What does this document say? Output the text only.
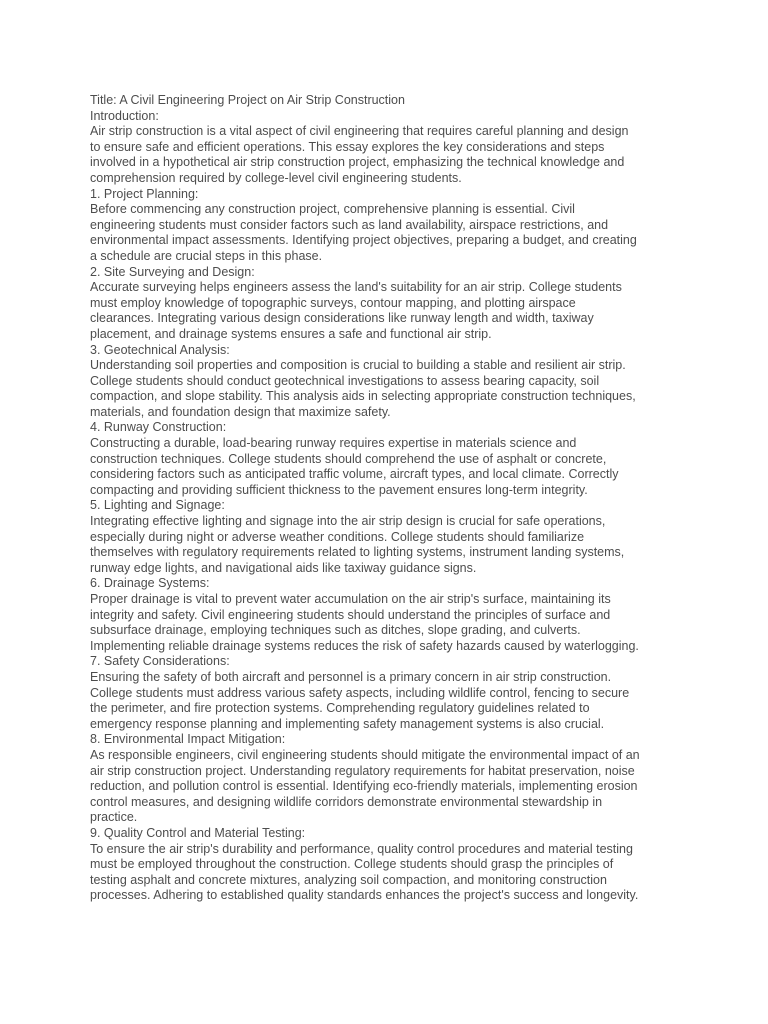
Title: A Civil Engineering Project on Air Strip Construction
Introduction:
Air strip construction is a vital aspect of civil engineering that requires careful planning and design
to ensure safe and efficient operations. This essay explores the key considerations and steps
involved in a hypothetical air strip construction project, emphasizing the technical knowledge and
comprehension required by college-level civil engineering students.
1. Project Planning:
Before commencing any construction project, comprehensive planning is essential. Civil
engineering students must consider factors such as land availability, airspace restrictions, and
environmental impact assessments. Identifying project objectives, preparing a budget, and creating
a schedule are crucial steps in this phase.
2. Site Surveying and Design:
Accurate surveying helps engineers assess the land's suitability for an air strip. College students
must employ knowledge of topographic surveys, contour mapping, and plotting airspace
clearances. Integrating various design considerations like runway length and width, taxiway
placement, and drainage systems ensures a safe and functional air strip.
3. Geotechnical Analysis:
Understanding soil properties and composition is crucial to building a stable and resilient air strip.
College students should conduct geotechnical investigations to assess bearing capacity, soil
compaction, and slope stability. This analysis aids in selecting appropriate construction techniques,
materials, and foundation design that maximize safety.
4. Runway Construction:
Constructing a durable, load-bearing runway requires expertise in materials science and
construction techniques. College students should comprehend the use of asphalt or concrete,
considering factors such as anticipated traffic volume, aircraft types, and local climate. Correctly
compacting and providing sufficient thickness to the pavement ensures long-term integrity.
5. Lighting and Signage:
Integrating effective lighting and signage into the air strip design is crucial for safe operations,
especially during night or adverse weather conditions. College students should familiarize
themselves with regulatory requirements related to lighting systems, instrument landing systems,
runway edge lights, and navigational aids like taxiway guidance signs.
6. Drainage Systems:
Proper drainage is vital to prevent water accumulation on the air strip's surface, maintaining its
integrity and safety. Civil engineering students should understand the principles of surface and
subsurface drainage, employing techniques such as ditches, slope grading, and culverts.
Implementing reliable drainage systems reduces the risk of safety hazards caused by waterlogging.
7. Safety Considerations:
Ensuring the safety of both aircraft and personnel is a primary concern in air strip construction.
College students must address various safety aspects, including wildlife control, fencing to secure
the perimeter, and fire protection systems. Comprehending regulatory guidelines related to
emergency response planning and implementing safety management systems is also crucial.
8. Environmental Impact Mitigation:
As responsible engineers, civil engineering students should mitigate the environmental impact of an
air strip construction project. Understanding regulatory requirements for habitat preservation, noise
reduction, and pollution control is essential. Identifying eco-friendly materials, implementing erosion
control measures, and designing wildlife corridors demonstrate environmental stewardship in
practice.
9. Quality Control and Material Testing:
To ensure the air strip's durability and performance, quality control procedures and material testing
must be employed throughout the construction. College students should grasp the principles of
testing asphalt and concrete mixtures, analyzing soil compaction, and monitoring construction
processes. Adhering to established quality standards enhances the project's success and longevity.
